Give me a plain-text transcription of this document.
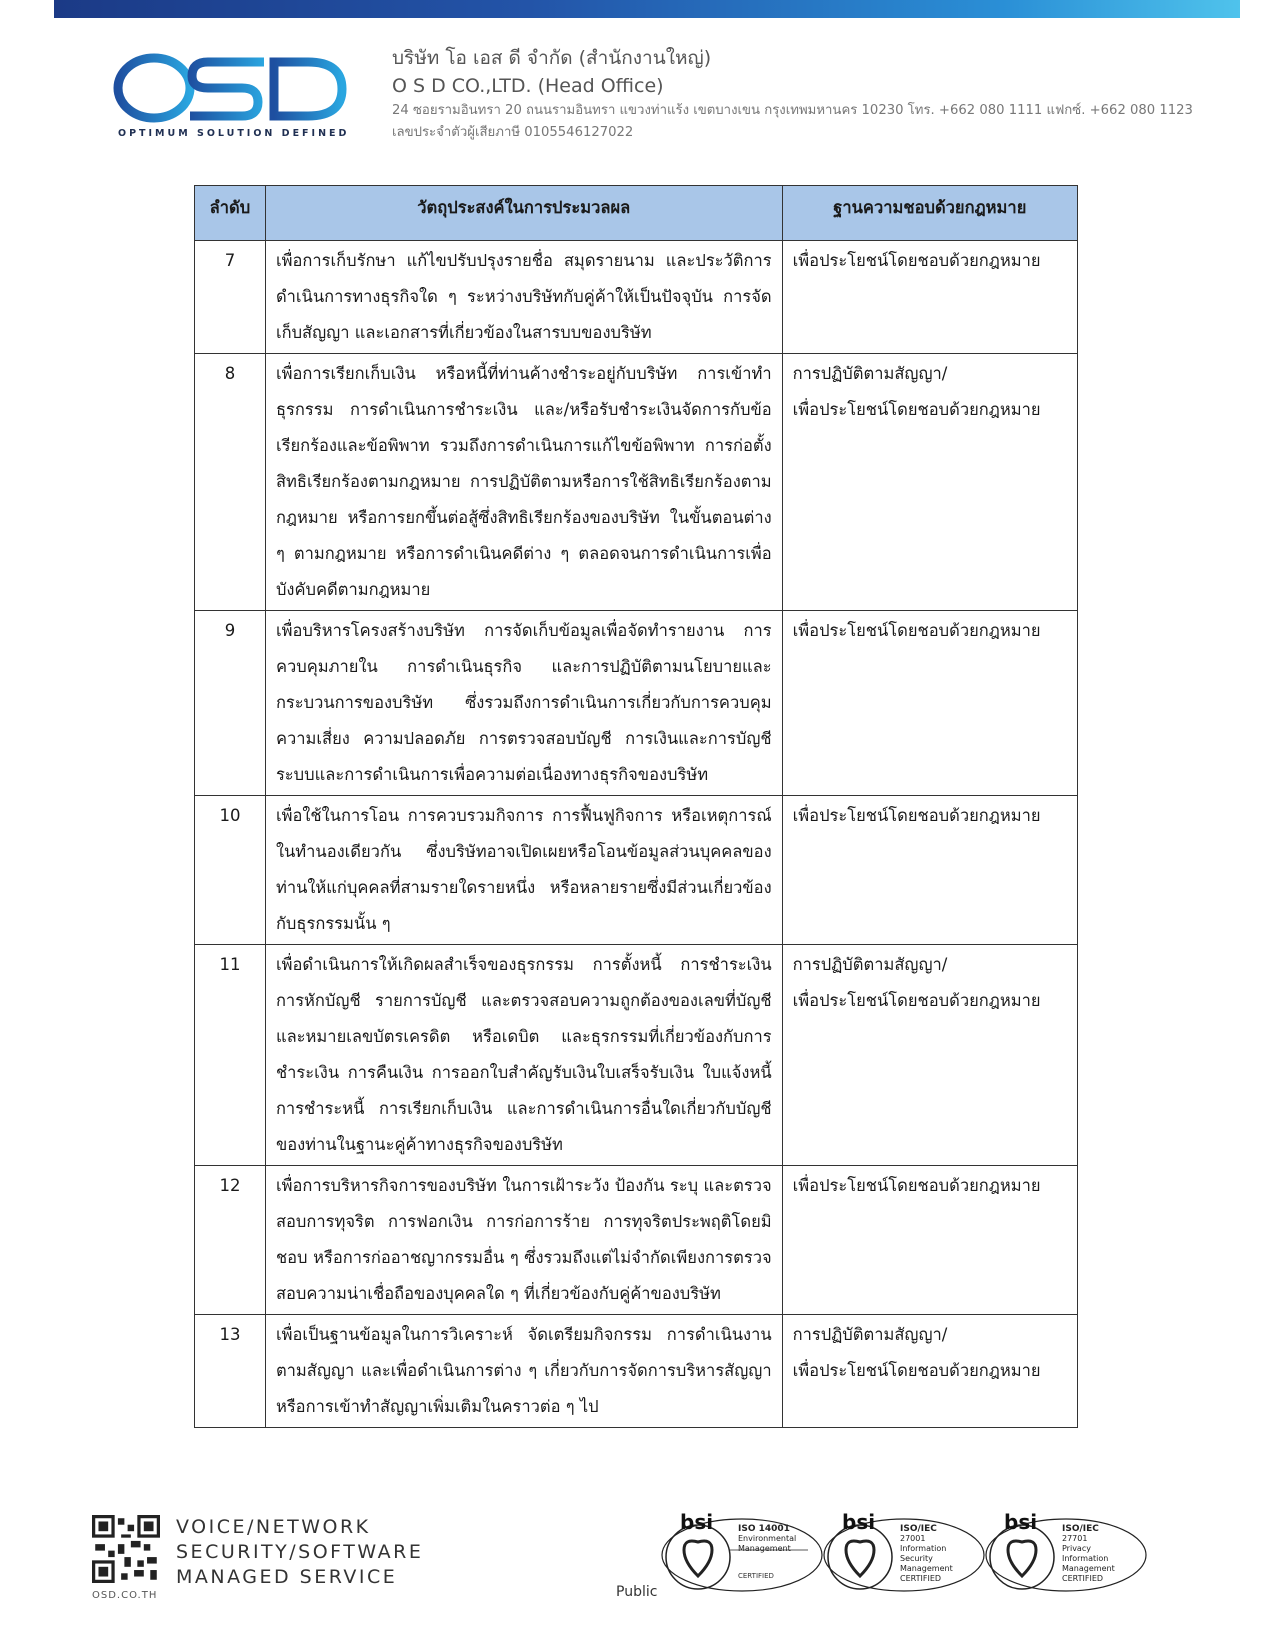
OPTIMUM SOLUTION DEFINED
บริษัท โอ เอส ดี จำกัด (สำนักงานใหญ่)
O S D CO.,LTD. (Head Office)
24 ซอยรามอินทรา 20 ถนนรามอินทรา แขวงท่าแร้ง เขตบางเขน กรุงเทพมหานคร 10230 โทร. +662 080 1111 แฟกซ์. +662 080 1123
เลขประจำตัวผู้เสียภาษี 0105546127022
ลำดับ	วัตถุประสงค์ในการประมวลผล	ฐานความชอบด้วยกฎหมาย
7	เพื่อการเก็บรักษา แก้ไขปรับปรุงรายชื่อ สมุดรายนาม และประวัติการดำเนินการทางธุรกิจใด ๆ ระหว่างบริษัทกับคู่ค้าให้เป็นปัจจุบัน การจัดเก็บสัญญา และเอกสารที่เกี่ยวข้องในสารบบของบริษัท	เพื่อประโยชน์โดยชอบด้วยกฎหมาย

8	เพื่อการเรียกเก็บเงิน หรือหนี้ที่ท่านค้างชำระอยู่กับบริษัท การเข้าทำธุรกรรม การดำเนินการชำระเงิน และ/หรือรับชำระเงินจัดการกับข้อเรียกร้องและข้อพิพาท รวมถึงการดำเนินการแก้ไขข้อพิพาท การก่อตั้งสิทธิเรียกร้องตามกฎหมาย การปฏิบัติตามหรือการใช้สิทธิเรียกร้องตามกฎหมาย หรือการยกขึ้นต่อสู้ซึ่งสิทธิเรียกร้องของบริษัท ในขั้นตอนต่าง ๆ ตามกฎหมาย หรือการดำเนินคดีต่าง ๆ ตลอดจนการดำเนินการเพื่อบังคับคดีตามกฎหมาย	การปฏิบัติตามสัญญา/
เพื่อประโยชน์โดยชอบด้วยกฎหมาย

9	เพื่อบริหารโครงสร้างบริษัท การจัดเก็บข้อมูลเพื่อจัดทำรายงาน การควบคุมภายใน การดำเนินธุรกิจ และการปฏิบัติตามนโยบายและกระบวนการของบริษัท ซึ่งรวมถึงการดำเนินการเกี่ยวกับการควบคุมความเสี่ยง ความปลอดภัย การตรวจสอบบัญชี การเงินและการบัญชีระบบและการดำเนินการเพื่อความต่อเนื่องทางธุรกิจของบริษัท	เพื่อประโยชน์โดยชอบด้วยกฎหมาย

10	เพื่อใช้ในการโอน การควบรวมกิจการ การฟื้นฟูกิจการ หรือเหตุการณ์ในทำนองเดียวกัน ซึ่งบริษัทอาจเปิดเผยหรือโอนข้อมูลส่วนบุคคลของท่านให้แก่บุคคลที่สามรายใดรายหนึ่ง หรือหลายรายซึ่งมีส่วนเกี่ยวข้องกับธุรกรรมนั้น ๆ	เพื่อประโยชน์โดยชอบด้วยกฎหมาย

11	เพื่อดำเนินการให้เกิดผลสำเร็จของธุรกรรม การตั้งหนี้ การชำระเงิน การหักบัญชี รายการบัญชี และตรวจสอบความถูกต้องของเลขที่บัญชี และหมายเลขบัตรเครดิต หรือเดบิต และธุรกรรมที่เกี่ยวข้องกับการชำระเงิน การคืนเงิน การออกใบสำคัญรับเงินใบเสร็จรับเงิน ใบแจ้งหนี้การชำระหนี้ การเรียกเก็บเงิน และการดำเนินการอื่นใดเกี่ยวกับบัญชีของท่านในฐานะคู่ค้าทางธุรกิจของบริษัท	การปฏิบัติตามสัญญา/
เพื่อประโยชน์โดยชอบด้วยกฎหมาย

12	เพื่อการบริหารกิจการของบริษัท ในการเฝ้าระวัง ป้องกัน ระบุ และตรวจสอบการทุจริต การฟอกเงิน การก่อการร้าย การทุจริตประพฤติโดยมิชอบ หรือการก่ออาชญากรรมอื่น ๆ ซึ่งรวมถึงแต่ไม่จำกัดเพียงการตรวจสอบความน่าเชื่อถือของบุคคลใด ๆ ที่เกี่ยวข้องกับคู่ค้าของบริษัท	เพื่อประโยชน์โดยชอบด้วยกฎหมาย

13	เพื่อเป็นฐานข้อมูลในการวิเคราะห์ จัดเตรียมกิจกรรม การดำเนินงานตามสัญญา และเพื่อดำเนินการต่าง ๆ เกี่ยวกับการจัดการบริหารสัญญา หรือการเข้าทำสัญญาเพิ่มเติมในคราวต่อ ๆ ไป	การปฏิบัติตามสัญญา/
เพื่อประโยชน์โดยชอบด้วยกฎหมาย
OSD.CO.TH
VOICE/NETWORK
SECURITY/SOFTWARE
MANAGED SERVICE
Public
bsi	ISO 14001
Environmental
Management
CERTIFIED
bsi	ISO/IEC
27001
Information Security
Management
CERTIFIED
bsi	ISO/IEC
27701
Privacy
Information
Management
CERTIFIED
